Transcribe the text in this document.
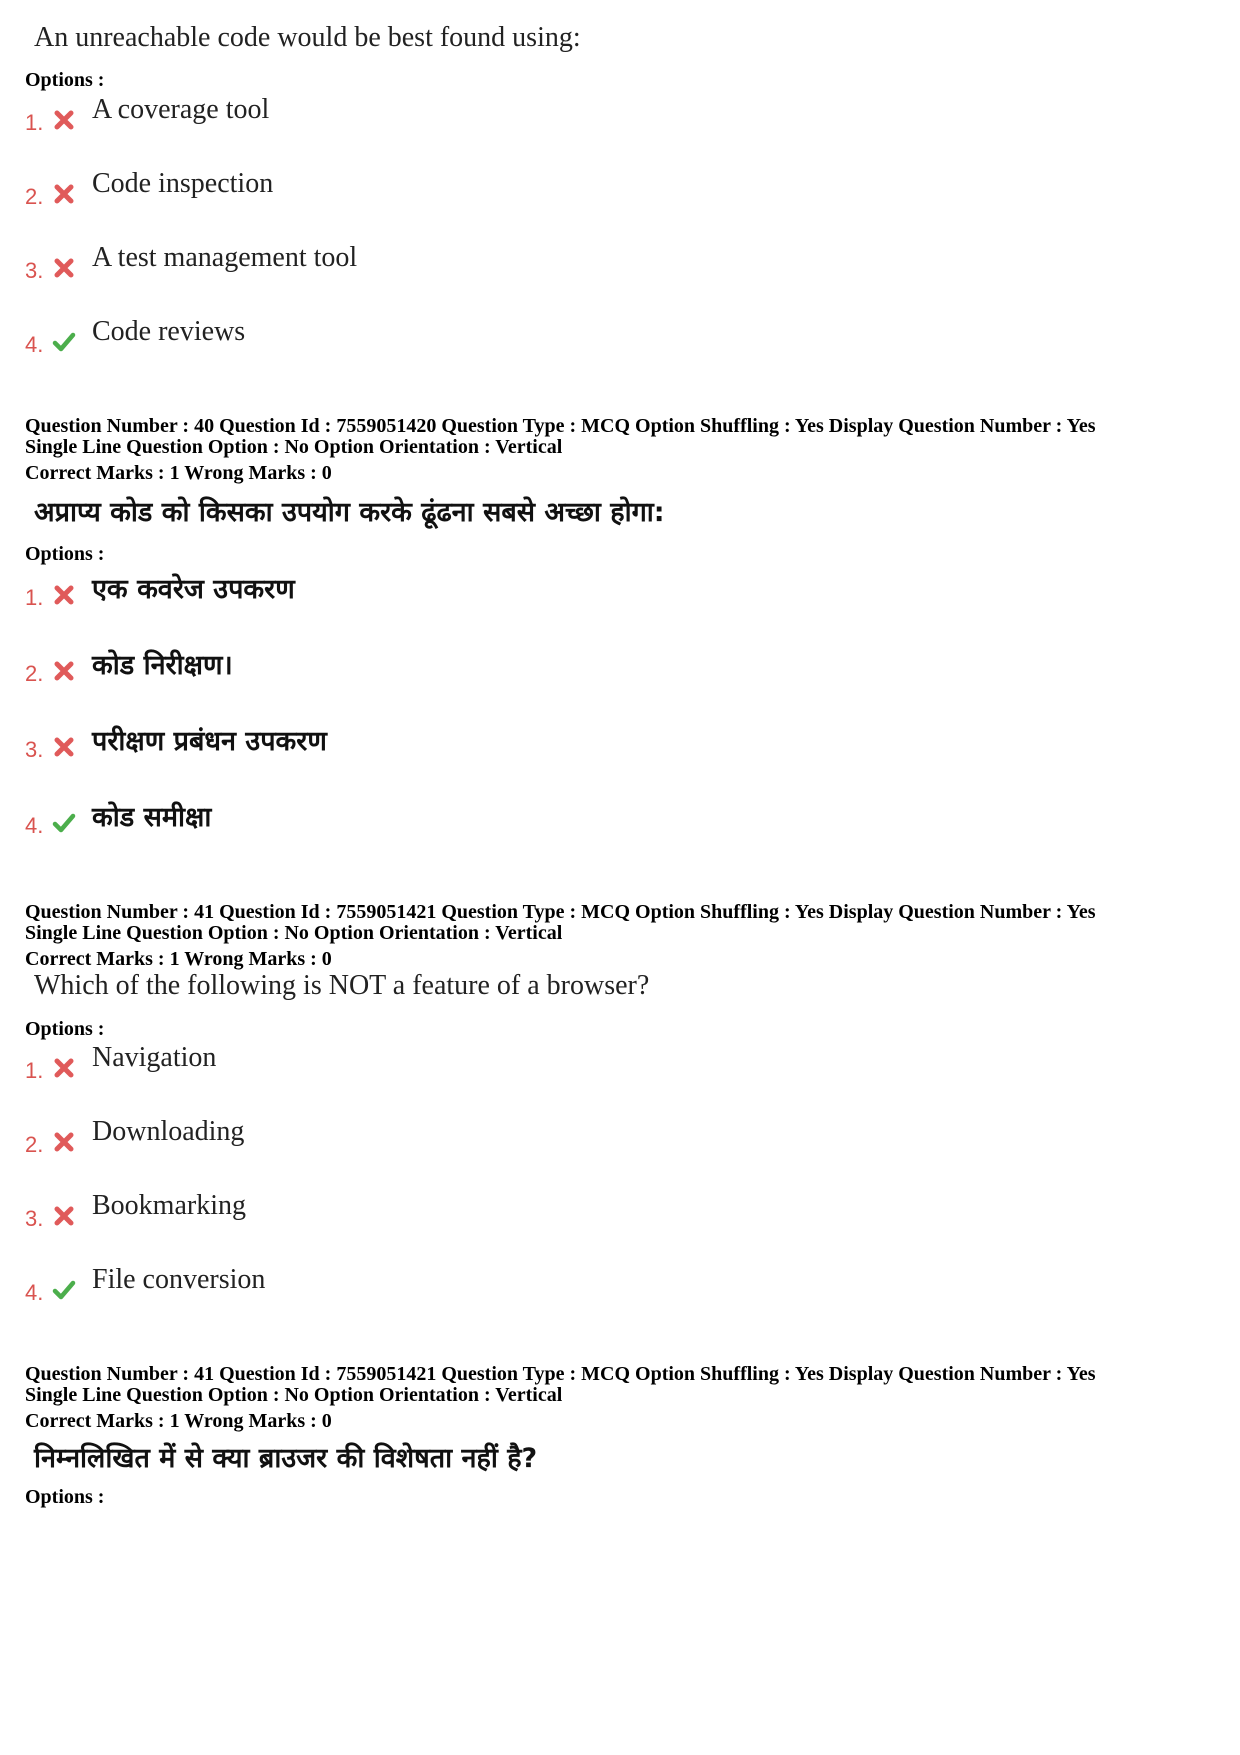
An unreachable code would be best found using:
Options :
1. A coverage tool
2. Code inspection
3. A test management tool
4. Code reviews
Question Number : 40 Question Id : 7559051420 Question Type : MCQ Option Shuffling : Yes Display Question Number : Yes
Single Line Question Option : No Option Orientation : Vertical
Correct Marks : 1 Wrong Marks : 0
अप्राप्य कोड को किसका उपयोग करके ढूंढना सबसे अच्छा होगा:
Options :
1. एक कवरेज उपकरण
2. कोड निरीक्षण।
3. परीक्षण प्रबंधन उपकरण
4. कोड समीक्षा
Question Number : 41 Question Id : 7559051421 Question Type : MCQ Option Shuffling : Yes Display Question Number : Yes
Single Line Question Option : No Option Orientation : Vertical
Correct Marks : 1 Wrong Marks : 0
Which of the following is NOT a feature of a browser?
Options :
1. Navigation
2. Downloading
3. Bookmarking
4. File conversion
Question Number : 41 Question Id : 7559051421 Question Type : MCQ Option Shuffling : Yes Display Question Number : Yes
Single Line Question Option : No Option Orientation : Vertical
Correct Marks : 1 Wrong Marks : 0
निम्नलिखित में से क्या ब्राउजर की विशेषता नहीं है?
Options :
